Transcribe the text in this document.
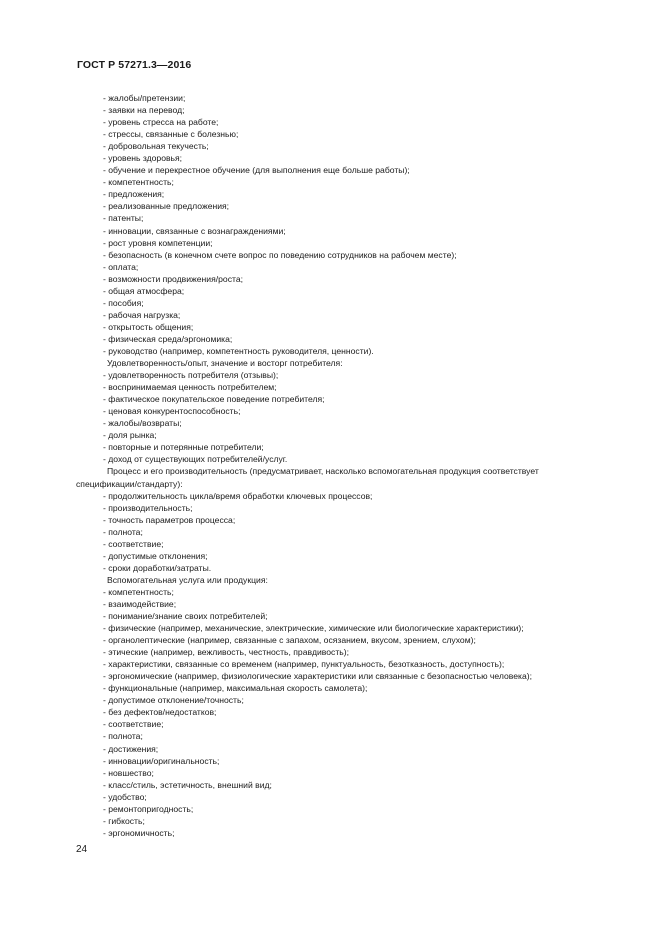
ГОСТ Р 57271.3—2016
- жалобы/претензии;
- заявки на перевод;
- уровень стресса на работе;
- стрессы, связанные с болезнью;
- добровольная текучесть;
- уровень здоровья;
- обучение и перекрестное обучение (для выполнения еще больше работы);
- компетентность;
- предложения;
- реализованные предложения;
- патенты;
- инновации, связанные с вознаграждениями;
- рост уровня компетенции;
- безопасность (в конечном счете вопрос по поведению сотрудников на рабочем месте);
- оплата;
- возможности продвижения/роста;
- общая атмосфера;
- пособия;
- рабочая нагрузка;
- открытость общения;
- физическая среда/эргономика;
- руководство (например, компетентность руководителя, ценности).
Удовлетворенность/опыт, значение и восторг потребителя:
- удовлетворенность потребителя (отзывы);
- воспринимаемая ценность потребителем;
- фактическое покупательское поведение потребителя;
- ценовая конкурентоспособность;
- жалобы/возвраты;
- доля рынка;
- повторные и потерянные потребители;
- доход от существующих потребителей/услуг.
Процесс и его производительность (предусматривает, насколько вспомогательная продукция соответствует
спецификации/стандарту):
- продолжительность цикла/время обработки ключевых процессов;
- производительность;
- точность параметров процесса;
- полнота;
- соответствие;
- допустимые отклонения;
- сроки доработки/затраты.
Вспомогательная услуга или продукция:
- компетентность;
- взаимодействие;
- понимание/знание своих потребителей;
- физические (например, механические, электрические, химические или биологические характеристики);
- органолептические (например, связанные с запахом, осязанием, вкусом, зрением, слухом);
- этические (например, вежливость, честность, правдивость);
- характеристики, связанные со временем (например, пунктуальность, безотказность, доступность);
- эргономические (например, физиологические характеристики или связанные с безопасностью человека);
- функциональные (например, максимальная скорость самолета);
- допустимое отклонение/точность;
- без дефектов/недостатков;
- соответствие;
- полнота;
- достижения;
- инновации/оригинальность;
- новшество;
- класс/стиль, эстетичность, внешний вид;
- удобство;
- ремонтопригодность;
- гибкость;
- эргономичность;
24
